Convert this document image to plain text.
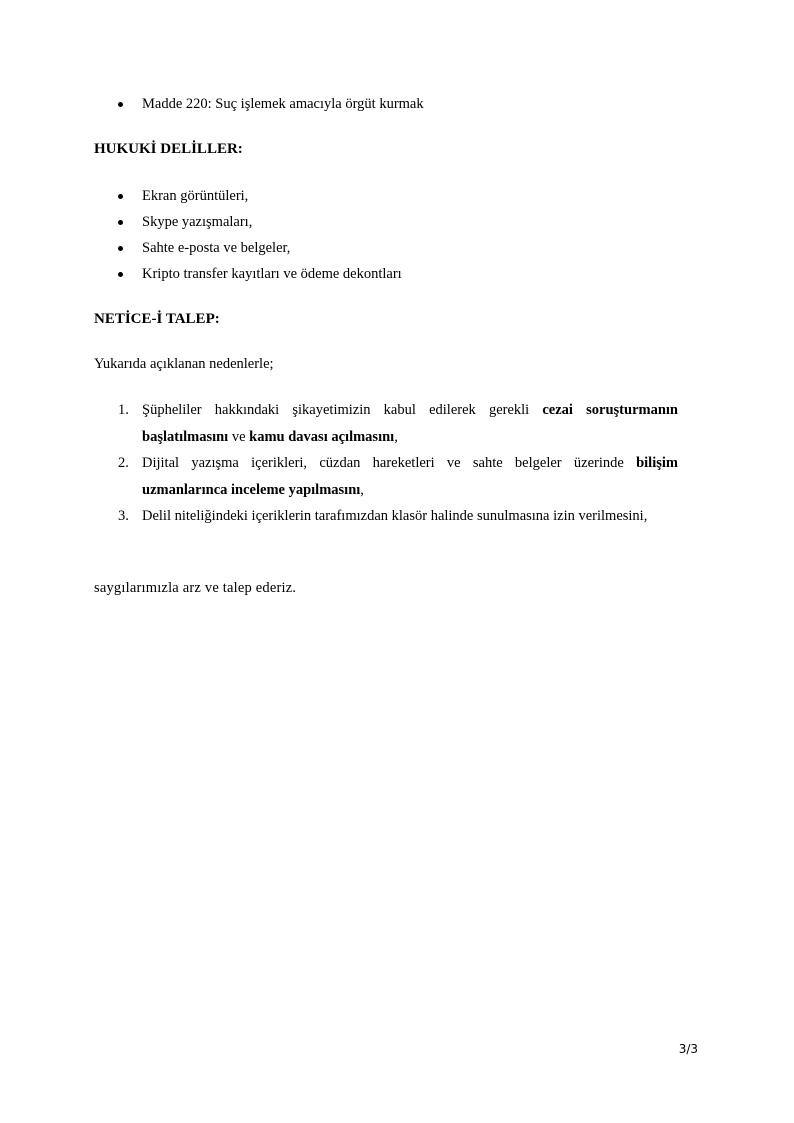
Madde 220: Suç işlemek amacıyla örgüt kurmak
HUKUKİ DELİLLER:
Ekran görüntüleri,
Skype yazışmaları,
Sahte e-posta ve belgeler,
Kripto transfer kayıtları ve ödeme dekontları
NETİCE-İ TALEP:

Yukarıda açıklanan nedenlerle;

1. Şüpheliler hakkındaki şikayetimizin kabul edilerek gerekli cezai soruşturmanın başlatılmasını ve kamu davası açılmasını,
2. Dijital yazışma içerikleri, cüzdan hareketleri ve sahte belgeler üzerinde bilişim uzmanlarınca inceleme yapılmasını,
3. Delil niteliğindeki içeriklerin tarafımızdan klasör halinde sunulmasına izin verilmesini,

saygılarımızla arz ve talep ederiz.

3/3
